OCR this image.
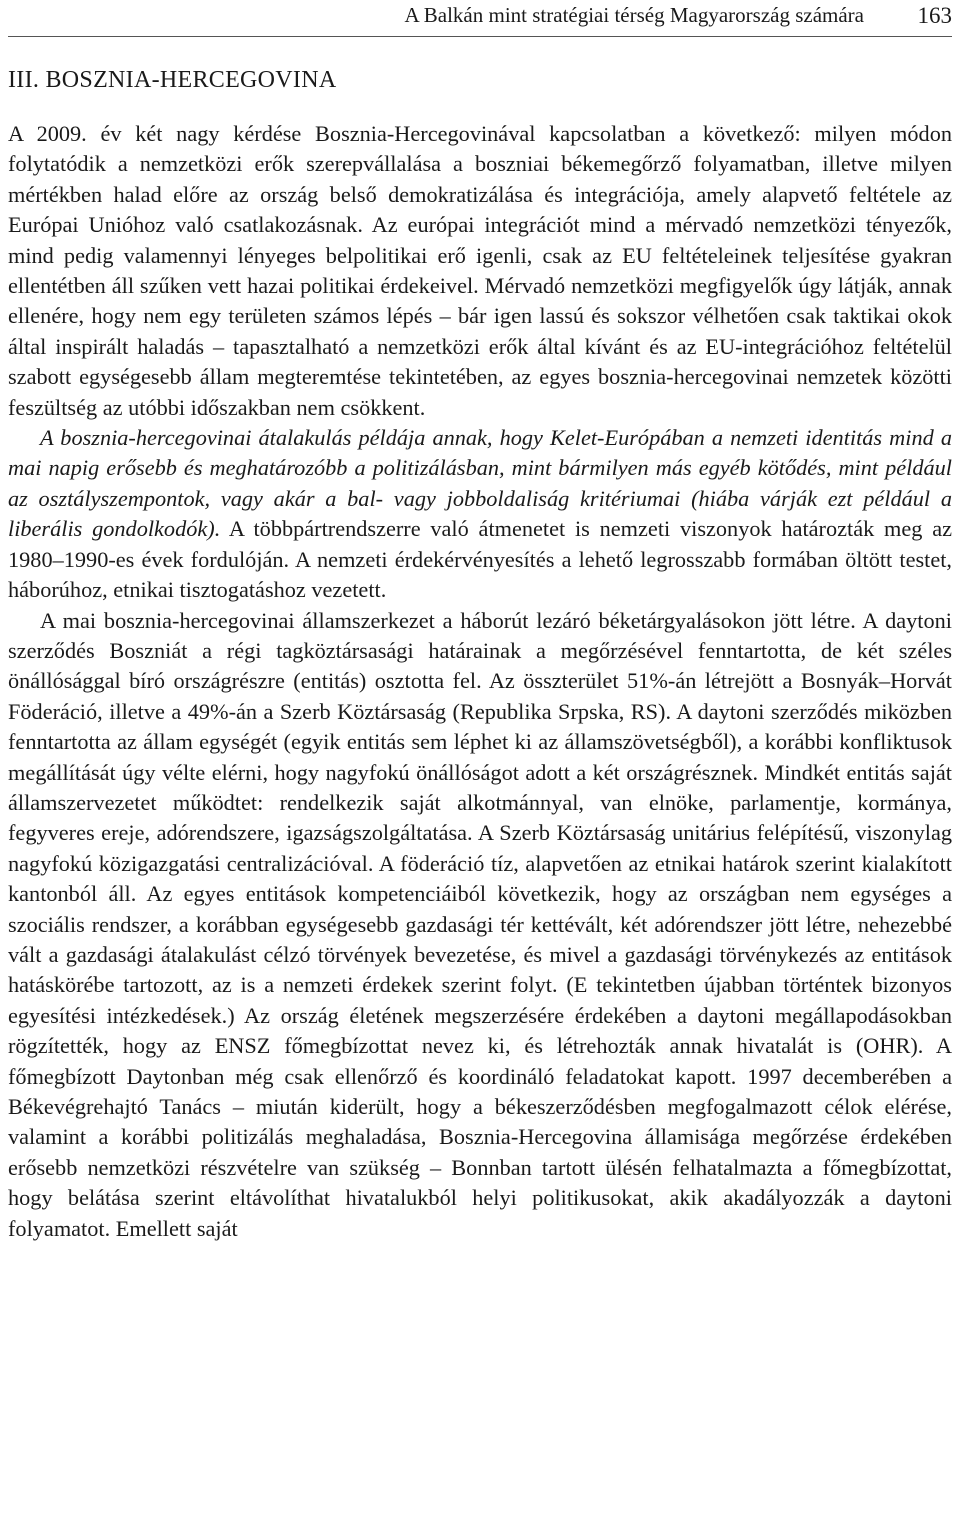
A Balkán mint stratégiai térség Magyarország számára 163
III. BOSZNIA-HERCEGOVINA

A 2009. év két nagy kérdése Bosznia-Hercegovinával kapcsolatban a következő: milyen módon folytatódik a nemzetközi erők szerepvállalása a boszniai békemegőrző folyamatban, illetve milyen mértékben halad előre az ország belső demokratizálása és integrációja, amely alapvető feltétele az Európai Unióhoz való csatlakozásnak. Az európai integrációt mind a mérvadó nemzetközi tényezők, mind pedig valamennyi lényeges belpolitikai erő igenli, csak az EU feltételeinek teljesítése gyakran ellentétben áll szűken vett hazai politikai érdekeivel. Mérvadó nemzetközi megfigyelők úgy látják, annak ellenére, hogy nem egy területen számos lépés – bár igen lassú és sokszor vélhetően csak taktikai okok által inspirált haladás – tapasztalható a nemzetközi erők által kívánt és az EU-integrációhoz feltételül szabott egységesebb állam megteremtése tekintetében, az egyes bosznia-hercegovinai nemzetek közötti feszültség az utóbbi időszakban nem csökkent.

A bosznia-hercegovinai átalakulás példája annak, hogy Kelet-Európában a nemzeti identitás mind a mai napig erősebb és meghatározóbb a politizálásban, mint bármilyen más egyéb kötődés, mint például az osztályszempontok, vagy akár a bal- vagy jobboldaliság kritériumai (hiába várják ezt például a liberális gondolkodók). A többpártrendszerre való átmenetet is nemzeti viszonyok határozták meg az 1980–1990-es évek fordulóján. A nemzeti érdekérvényesítés a lehető legrosszabb formában öltött testet, háborúhoz, etnikai tisztogatáshoz vezetett.

A mai bosznia-hercegovinai államszerkezet a háborút lezáró béketárgyalásokon jött létre. A daytoni szerződés Boszniát a régi tagköztársasági határainak a megőrzésével fenntartotta, de két széles önállósággal bíró országrészre (entitás) osztotta fel. Az összterület 51%-án létrejött a Bosnyák–Horvát Föderáció, illetve a 49%-án a Szerb Köztársaság (Republika Srpska, RS). A daytoni szerződés miközben fenntartotta az állam egységét (egyik entitás sem léphet ki az államszövetségből), a korábbi konfliktusok megállítását úgy vélte elérni, hogy nagyfokú önállóságot adott a két országrésznek. Mindkét entitás saját államszervezetet működtet: rendelkezik saját alkotmánnyal, van elnöke, parlamentje, kormánya, fegyveres ereje, adórendszere, igazságszolgáltatása. A Szerb Köztársaság unitárius felépítésű, viszonylag nagyfokú közigazgatási centralizációval. A föderáció tíz, alapvetően az etnikai határok szerint kialakított kantonból áll. Az egyes entitások kompetenciáiból következik, hogy az országban nem egységes a szociális rendszer, a korábban egységesebb gazdasági tér kettévált, két adórendszer jött létre, nehezebbé vált a gazdasági átalakulást célzó törvények bevezetése, és mivel a gazdasági törvénykezés az entitások hatáskörébe tartozott, az is a nemzeti érdekek szerint folyt. (E tekintetben újabban történtek bizonyos egyesítési intézkedések.) Az ország életének megszerzésére érdekében a daytoni megállapodásokban rögzítették, hogy az ENSZ főmegbízottat nevez ki, és létrehozták annak hivatalát is (OHR). A főmegbízott Daytonban még csak ellenőrző és koordináló feladatokat kapott. 1997 decemberében a Békevégrehajtó Tanács – miután kiderült, hogy a békeszerződésben megfogalmazott célok elérése, valamint a korábbi politizálás meghaladása, Bosznia-Hercegovina államisága megőrzése érdekében erősebb nemzetközi részvételre van szükség – Bonnban tartott ülésén felhatalmazta a főmegbízottat, hogy belátása szerint eltávolíthat hivatalukból helyi politikusokat, akik akadályozzák a daytoni folyamatot. Emellett saját
